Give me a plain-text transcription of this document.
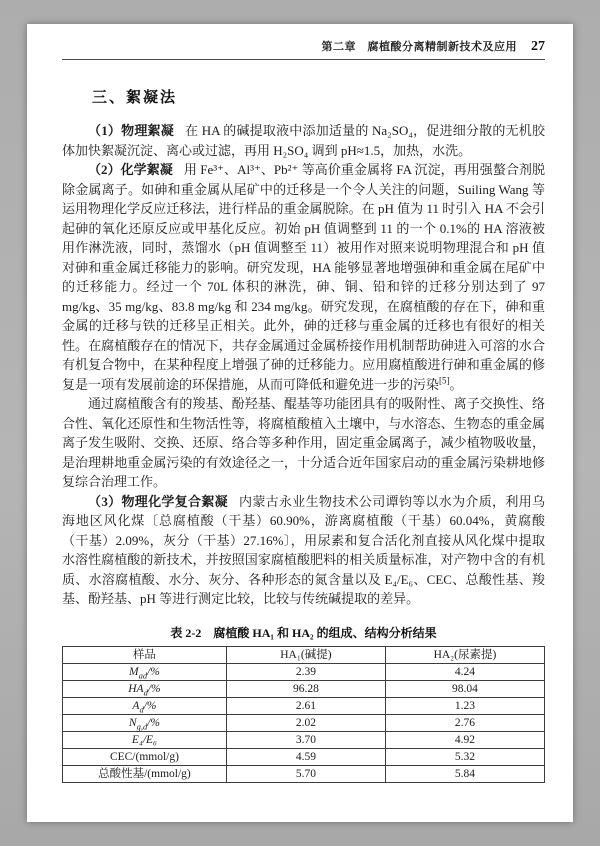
第二章　腐植酸分离精制新技术及应用 27
三、絮凝法

（1）物理絮凝 在 HA 的碱提取液中添加适量的 Na₂SO₄，促进细分散的无机胶体加快絮凝沉淀、离心或过滤，再用 H₂SO₄ 调到 pH≈1.5，加热，水洗。

（2）化学絮凝 用 Fe³⁺、Al³⁺、Pb²⁺ 等高价重金属将 FA 沉淀，再用强螯合剂脱除金属离子。如砷和重金属从尾矿中的迁移是一个令人关注的问题，Suiling Wang 等运用物理化学反应迁移法，进行样品的重金属脱除。在 pH 值为 11 时引入 HA 不会引起砷的氧化还原反应或甲基化反应。初始 pH 值调整到 11 的一个 0.1%的 HA 溶液被用作淋洗液，同时，蒸馏水（pH 值调整至 11）被用作对照来说明物理混合和 pH 值对砷和重金属迁移能力的影响。研究发现，HA 能够显著地增强砷和重金属在尾矿中的迁移能力。经过一个 70L 体积的淋洗，砷、铜、铅和锌的迁移分别达到了 97 mg/kg、35 mg/kg、83.8 mg/kg 和 234 mg/kg。研究发现，在腐植酸的存在下，砷和重金属的迁移与铁的迁移呈正相关。此外，砷的迁移与重金属的迁移也有很好的相关性。在腐植酸存在的情况下，共存金属通过金属桥接作用机制帮助砷进入可溶的水合有机复合物中，在某种程度上增强了砷的迁移能力。应用腐植酸进行砷和重金属的修复是一项有发展前途的环保措施，从而可降低和避免进一步的污染[5]。

通过腐植酸含有的羧基、酚羟基、醌基等功能团具有的吸附性、离子交换性、络合性、氧化还原性和生物活性等，将腐植酸植入土壤中，与水溶态、生物态的重金属离子发生吸附、交换、还原、络合等多种作用，固定重金属离子，减少植物吸收量，是治理耕地重金属污染的有效途径之一，十分适合近年国家启动的重金属污染耕地修复综合治理工作。

（3）物理化学复合絮凝 内蒙古永业生物技术公司谭钧等以水为介质，利用乌海地区风化煤〔总腐植酸（干基）60.90%，游离腐植酸（干基）60.04%，黄腐酸（干基）2.09%，灰分（干基）27.16%〕，用尿素和复合活化剂直接从风化煤中提取水溶性腐植酸的新技术，并按照国家腐植酸肥料的相关质量标准，对产物中含的有机质、水溶腐植酸、水分、灰分、各种形态的氮含量以及 E₄/E₆、CEC、总酸性基、羧基、酚羟基、pH 等进行测定比较，比较与传统碱提取的差异。

表 2-2　腐植酸 HA₁ 和 HA₂ 的组成、结构分析结果
样品	HA₁(碱提)	HA₂(尿素提)
$M_{ad}/\%$	2.39	4.24
$HA_d/\%$	96.28	98.04
$A_d/\%$	2.61	1.23
$N_{g,d}/\%$	2.02	2.76
E₄/E₆	3.70	4.92
CEC/(mmol/g)	4.59	5.32
总酸性基/(mmol/g)	5.70	5.84
